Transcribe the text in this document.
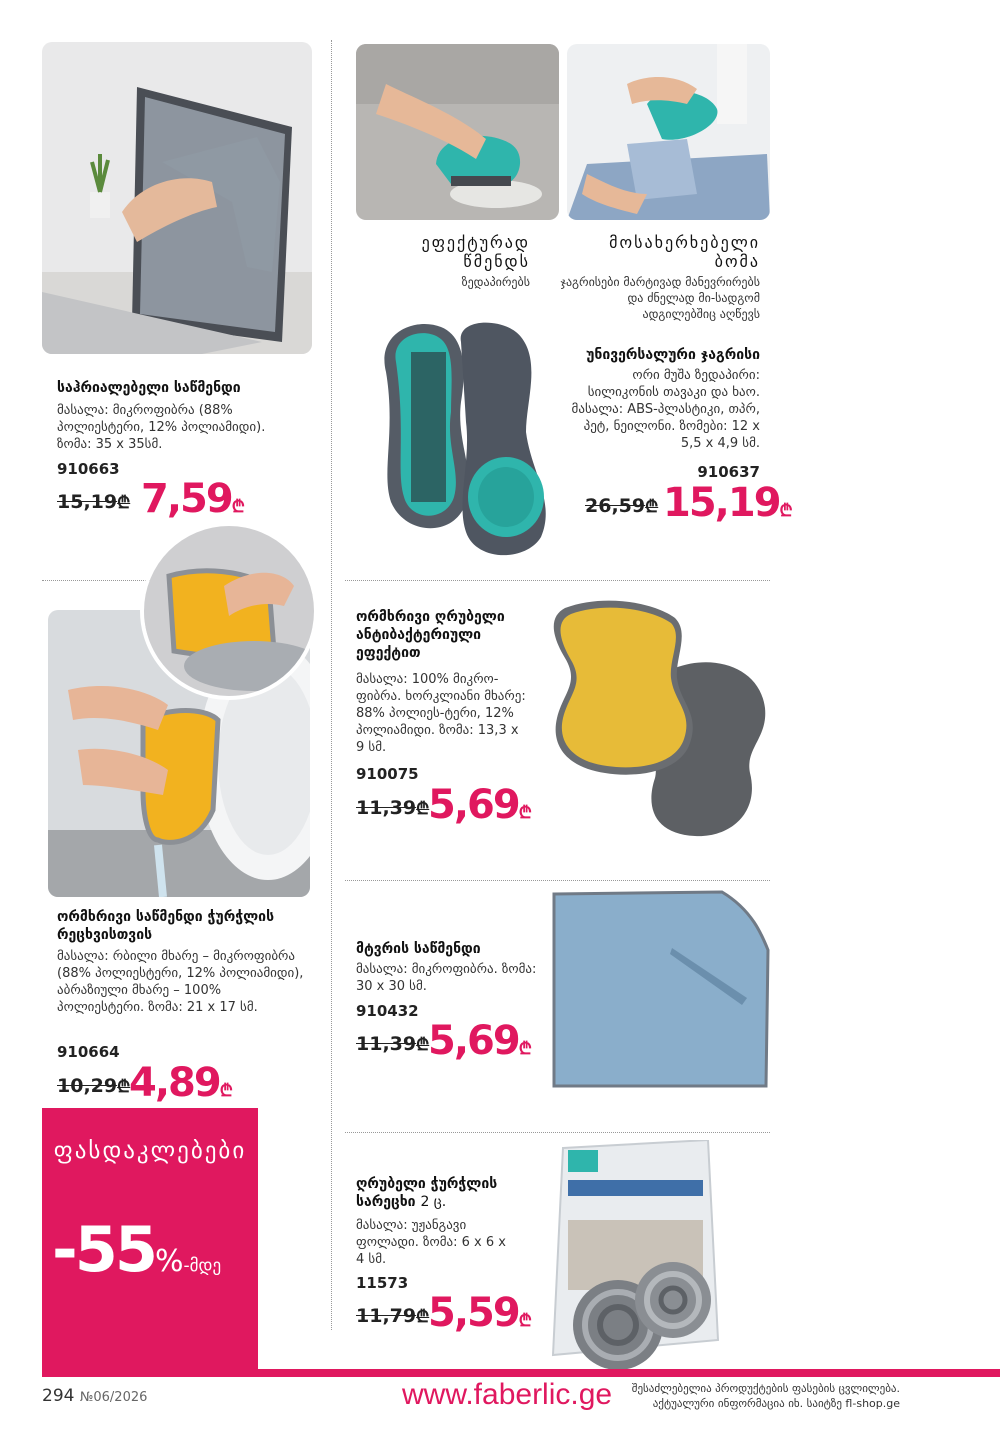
ეფექტურად წმენდს
ზედაპირებს
მოსახერხებელი ბომა
ჯაგრისები მარტივად მანევრირებს და ძნელად მი-სადგომ ადგილებშიც აღწევს
უნივერსალური ჯაგრისი
ორი მუშა ზედაპირი: სილიკონის თავაკი და ხაო. მასალა: ABS-პლასტიკი, თპრ, პეტ, ნეილონი. ზომები: 12 x 5,5 x 4,9 სმ.
910637
26,59₾ 15,19₾
საჰრიალებელი საწმენდი
მასალა: მიკროფიბრა (88% პოლიესტერი, 12% პოლიამიდი). ზომა: 35 x 35სმ.
910663
15,19₾ 7,59₾
ორმხრივი საწმენდი ჭურჭლის რეცხვისთვის
მასალა: რბილი მხარე – მიკროფიბრა (88% პოლიესტერი, 12% პოლიამიდი), აბრაზიული მხარე – 100% პოლიესტერი. ზომა: 21 x 17 სმ.
910664
10,29₾
4,89₾
ორმხრივი ღრუბელი ანტიბაქტერიული ეფექტით
მასალა: 100% მიკრო-ფიბრა. ხორკლიანი მხარე: 88% პოლიეს-ტერი, 12% პოლიამიდი. ზომა: 13,3 x 9 სმ.
910075
11,39₾
5,69₾
მტვრის საწმენდი
მასალა: მიკროფიბრა. ზომა: 30 x 30 სმ.
910432
11,39₾
5,69₾
ღრუბელი ჭურჭლის სარეცხი 2 ც.
მასალა: უჟანგავი ფოლადი. ზომა: 6 x 6 x 4 სმ.
11573
11,79₾
5,59₾
ფასდაკლებები
-55%-მდე
294 №06/2026	www.faberlic.ge	შესაძლებელია პროდუქტების ფასების ცვლილება.
აქტუალური ინფორმაცია იხ. საიტზე fl-shop.ge
